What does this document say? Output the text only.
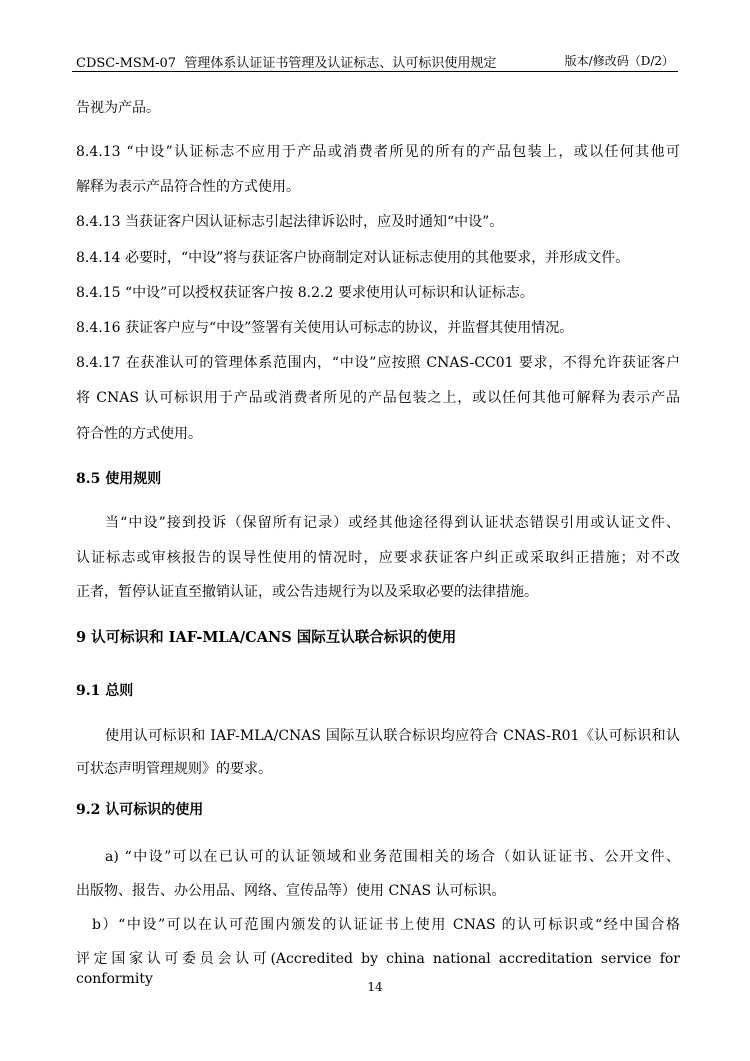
CDSC-MSM-07 管理体系认证证书管理及认证标志、认可标识使用规定	版本/修改码（D/2）
告视为产品。
8.4.13 “中设”认证标志不应用于产品或消费者所见的所有的产品包装上，或以任何其他可
解释为表示产品符合性的方式使用。
8.4.13 当获证客户因认证标志引起法律诉讼时，应及时通知“中设”。
8.4.14 必要时，“中设”将与获证客户协商制定对认证标志使用的其他要求，并形成文件。
8.4.15 “中设”可以授权获证客户按 8.2.2 要求使用认可标识和认证标志。
8.4.16 获证客户应与“中设”签署有关使用认可标志的协议，并监督其使用情况。
8.4.17 在获准认可的管理体系范围内，“中设”应按照 CNAS-CC01 要求，不得允许获证客户
将 CNAS 认可标识用于产品或消费者所见的产品包装之上，或以任何其他可解释为表示产品
符合性的方式使用。
8.5 使用规则
当“中设”接到投诉（保留所有记录）或经其他途径得到认证状态错误引用或认证文件、
认证标志或审核报告的误导性使用的情况时，应要求获证客户纠正或采取纠正措施；对不改
正者，暂停认证直至撤销认证，或公告违规行为以及采取必要的法律措施。
9 认可标识和 IAF-MLA/CANS 国际互认联合标识的使用
9.1 总则
使用认可标识和 IAF-MLA/CNAS 国际互认联合标识均应符合 CNAS-R01《认可标识和认
可状态声明管理规则》的要求。
9.2 认可标识的使用
a) “中设”可以在已认可的认证领域和业务范围相关的场合（如认证证书、公开文件、
出版物、报告、办公用品、网络、宣传品等）使用 CNAS 认可标识。
b）“中设”可以在认可范围内颁发的认证证书上使用 CNAS 的认可标识或“经中国合格
评定国家认可委员会认可(Accredited by china national accreditation service for conformity	14
